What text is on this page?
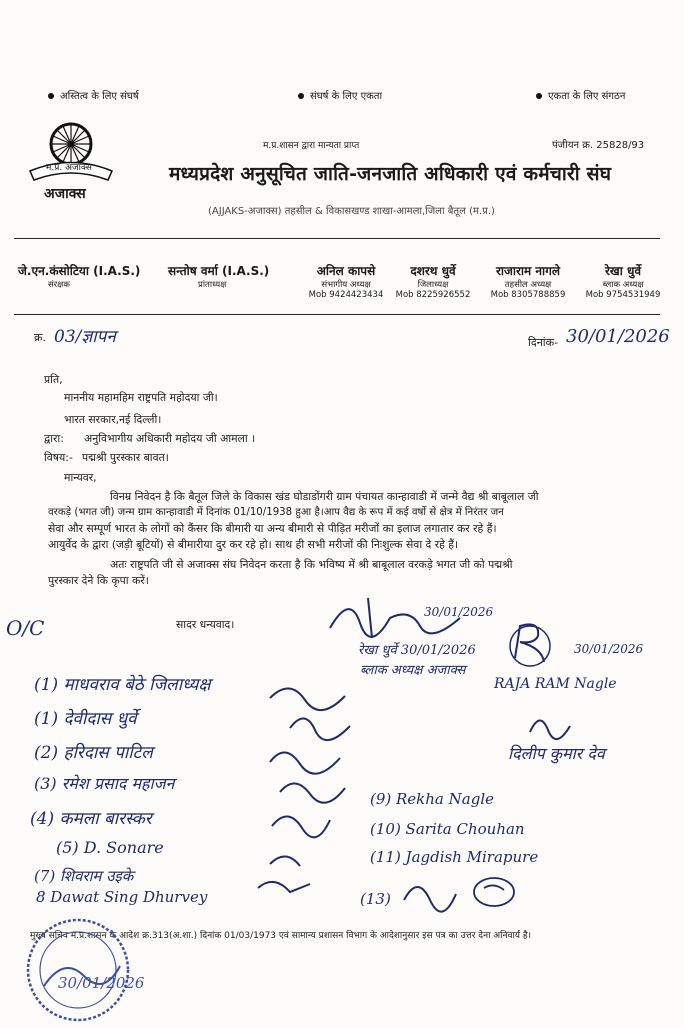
अस्तित्व के लिए संघर्ष	संघर्ष के लिए एकता	एकता के लिए संगठन
म.प्र. अजाक्स
अजाक्स
म.प्र.शासन द्वारा मान्यता प्राप्त	पंजीयन क्र. 25828/93
मध्यप्रदेश अनुसूचित जाति-जनजाति अधिकारी एवं कर्मचारी संघ
(AJJAKS-अजाक्स) तहसील & विकासखण्ड शाखा-आमला,जिला बैतूल (म.प्र.)
जे.एन.कंसोटिया (I.A.S.)
संरक्षक
सन्तोष वर्मा (I.A.S.)
प्रांताध्यक्ष
अनिल कापसे
संभागीय अध्यक्ष
Mob 9424423434
दशरथ धुर्वे
जिलाध्यक्ष
Mob 8225926552
राजाराम नागले
तहसील अध्यक्ष
Mob 8305788859
रेखा धुर्वे
ब्लाक अध्यक्ष
Mob 9754531949
क्र. 03/ज्ञापन	दिनांक- 30/01/2026
प्रति,
माननीय महामहिम राष्ट्रपति महोदया जी।
भारत सरकार,नई दिल्ली।
द्वारा: अनुविभागीय अधिकारी महोदय जी आमला ।
विषय:- पद्मश्री पुरस्कार बावत।
मान्यवर,
विनम्र निवेदन है कि बैतूल जिले के विकास खंड घोडाडोंगरी ग्राम पंचायत कान्हावाडी में जन्मे वैद्य श्री बाबूलाल जी
वरकड़े (भगत जी) जन्म ग्राम कान्हावाडी में दिनांक 01/10/1938 हुआ है।आप वैद्य के रूप में कई वर्षो से क्षेत्र में निरंतर जन
सेवा और सम्पूर्ण भारत के लोगों को कैंसर कि बीमारी या अन्य बीमारी से पीड़ित मरीजों का इलाज लगातार कर रहे हैं।
आयुर्वेद के द्वारा (जड़ी बूटियों) से बीमारीया दुर कर रहे हो। साथ ही सभी मरीजों की निःशुल्क सेवा दे रहे हैं।
अतः राष्ट्रपति जी से अजाक्स संघ निवेदन करता है कि भविष्य में श्री बाबूलाल वरकड़े भगत जी को पद्मश्री
पुरस्कार देने कि कृपा करें।
सादर धन्यवाद।
O/C
30/01/2026
रेखा धुर्वे 30/01/2026
ब्लाक अध्यक्ष अजाक्स
30/01/2026
RAJA RAM Nagle
(1) माधवराव बेठे जिलाध्यक्ष
(1) देवीदास धुर्वे
(2) हरिदास पाटिल
(3) रमेश प्रसाद महाजन
(4) कमला बारस्कर
(5) D. Sonare
(7) शिवराम उइके
8 Dawat Sing Dhurvey
दिलीप कुमार देव
(9) Rekha Nagle
(10) Sarita Chouhan
(11) Jagdish Mirapure
(13)
मुख्य सचिव म.प्र.शासन के आदेश क्र.313(अ.शा.) दिनांक 01/03/1973 एवं सामान्य प्रशासन विभाग के आदेशानुसार इस पत्र का उत्तर देना अनिवार्य है।
30/01/2026
